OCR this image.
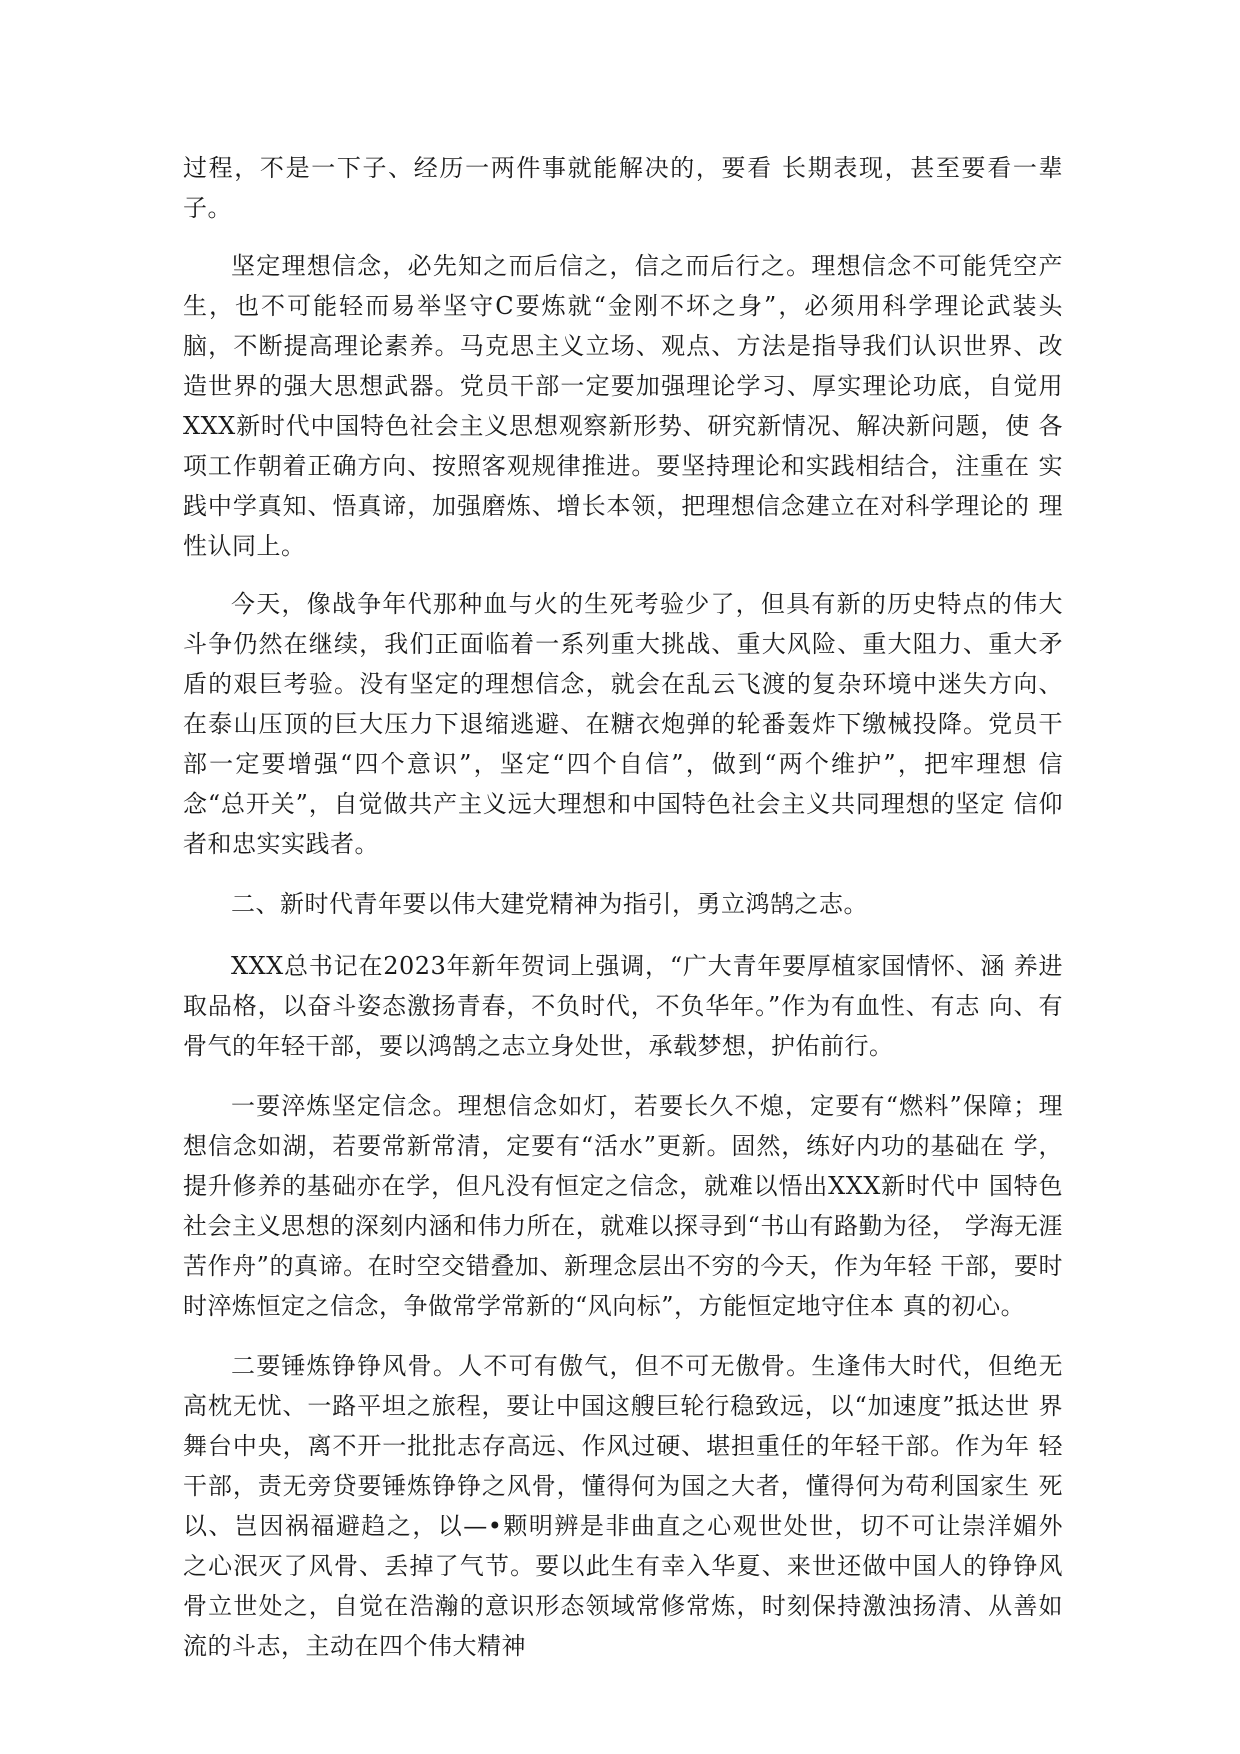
过程，不是一下子、经历一两件事就能解决的，要看 长期表现，甚至要看一辈子。

坚定理想信念，必先知之而后信之，信之而后行之。理想信念不可能凭空产 生，也不可能轻而易举坚守C要炼就“金刚不坏之身”，必须用科学理论武装头 脑，不断提高理论素养。马克思主义立场、观点、方法是指导我们认识世界、改 造世界的强大思想武器。党员干部一定要加强理论学习、厚实理论功底，自觉用 XXX新时代中国特色社会主义思想观察新形势、研究新情况、解决新问题，使 各项工作朝着正确方向、按照客观规律推进。要坚持理论和实践相结合，注重在 实践中学真知、悟真谛，加强磨炼、增长本领，把理想信念建立在对科学理论的 理性认同上。

今天，像战争年代那种血与火的生死考验少了，但具有新的历史特点的伟大 斗争仍然在继续，我们正面临着一系列重大挑战、重大风险、重大阻力、重大矛 盾的艰巨考验。没有坚定的理想信念，就会在乱云飞渡的复杂环境中迷失方向、 在泰山压顶的巨大压力下退缩逃避、在糖衣炮弹的轮番轰炸下缴械投降。党员干 部一定要增强“四个意识”，坚定“四个自信”，做到“两个维护”，把牢理想 信念“总开关”，自觉做共产主义远大理想和中国特色社会主义共同理想的坚定 信仰者和忠实实践者。

二、新时代青年要以伟大建党精神为指引，勇立鸿鹄之志。

XXX总书记在2023年新年贺词上强调，“广大青年要厚植家国情怀、涵 养进取品格，以奋斗姿态激扬青春，不负时代，不负华年。”作为有血性、有志 向、有骨气的年轻干部，要以鸿鹄之志立身处世，承载梦想，护佑前行。

一要淬炼坚定信念。理想信念如灯，若要长久不熄，定要有“燃料”保障；理想信念如湖，若要常新常清，定要有“活水”更新。固然，练好内功的基础在 学，提升修养的基础亦在学，但凡没有恒定之信念，就难以悟出XXX新时代中 国特色社会主义思想的深刻内涵和伟力所在，就难以探寻到“书山有路勤为径， 学海无涯苦作舟”的真谛。在时空交错叠加、新理念层出不穷的今天，作为年轻 干部，要时时淬炼恒定之信念，争做常学常新的“风向标”，方能恒定地守住本 真的初心。

二要锤炼铮铮风骨。人不可有傲气，但不可无傲骨。生逢伟大时代，但绝无 高枕无忧、一路平坦之旅程，要让中国这艘巨轮行稳致远，以“加速度”抵达世 界舞台中央，离不开一批批志存高远、作风过硬、堪担重任的年轻干部。作为年 轻干部，责无旁贷要锤炼铮铮之风骨，懂得何为国之大者，懂得何为苟利国家生 死以、岂因祸福避趋之，以—•颗明辨是非曲直之心观世处世，切不可让崇洋媚外 之心泯灭了风骨、丢掉了气节。要以此生有幸入华夏、来世还做中国人的铮铮风 骨立世处之，自觉在浩瀚的意识形态领域常修常炼，时刻保持激浊扬清、从善如 流的斗志，主动在四个伟大精神
